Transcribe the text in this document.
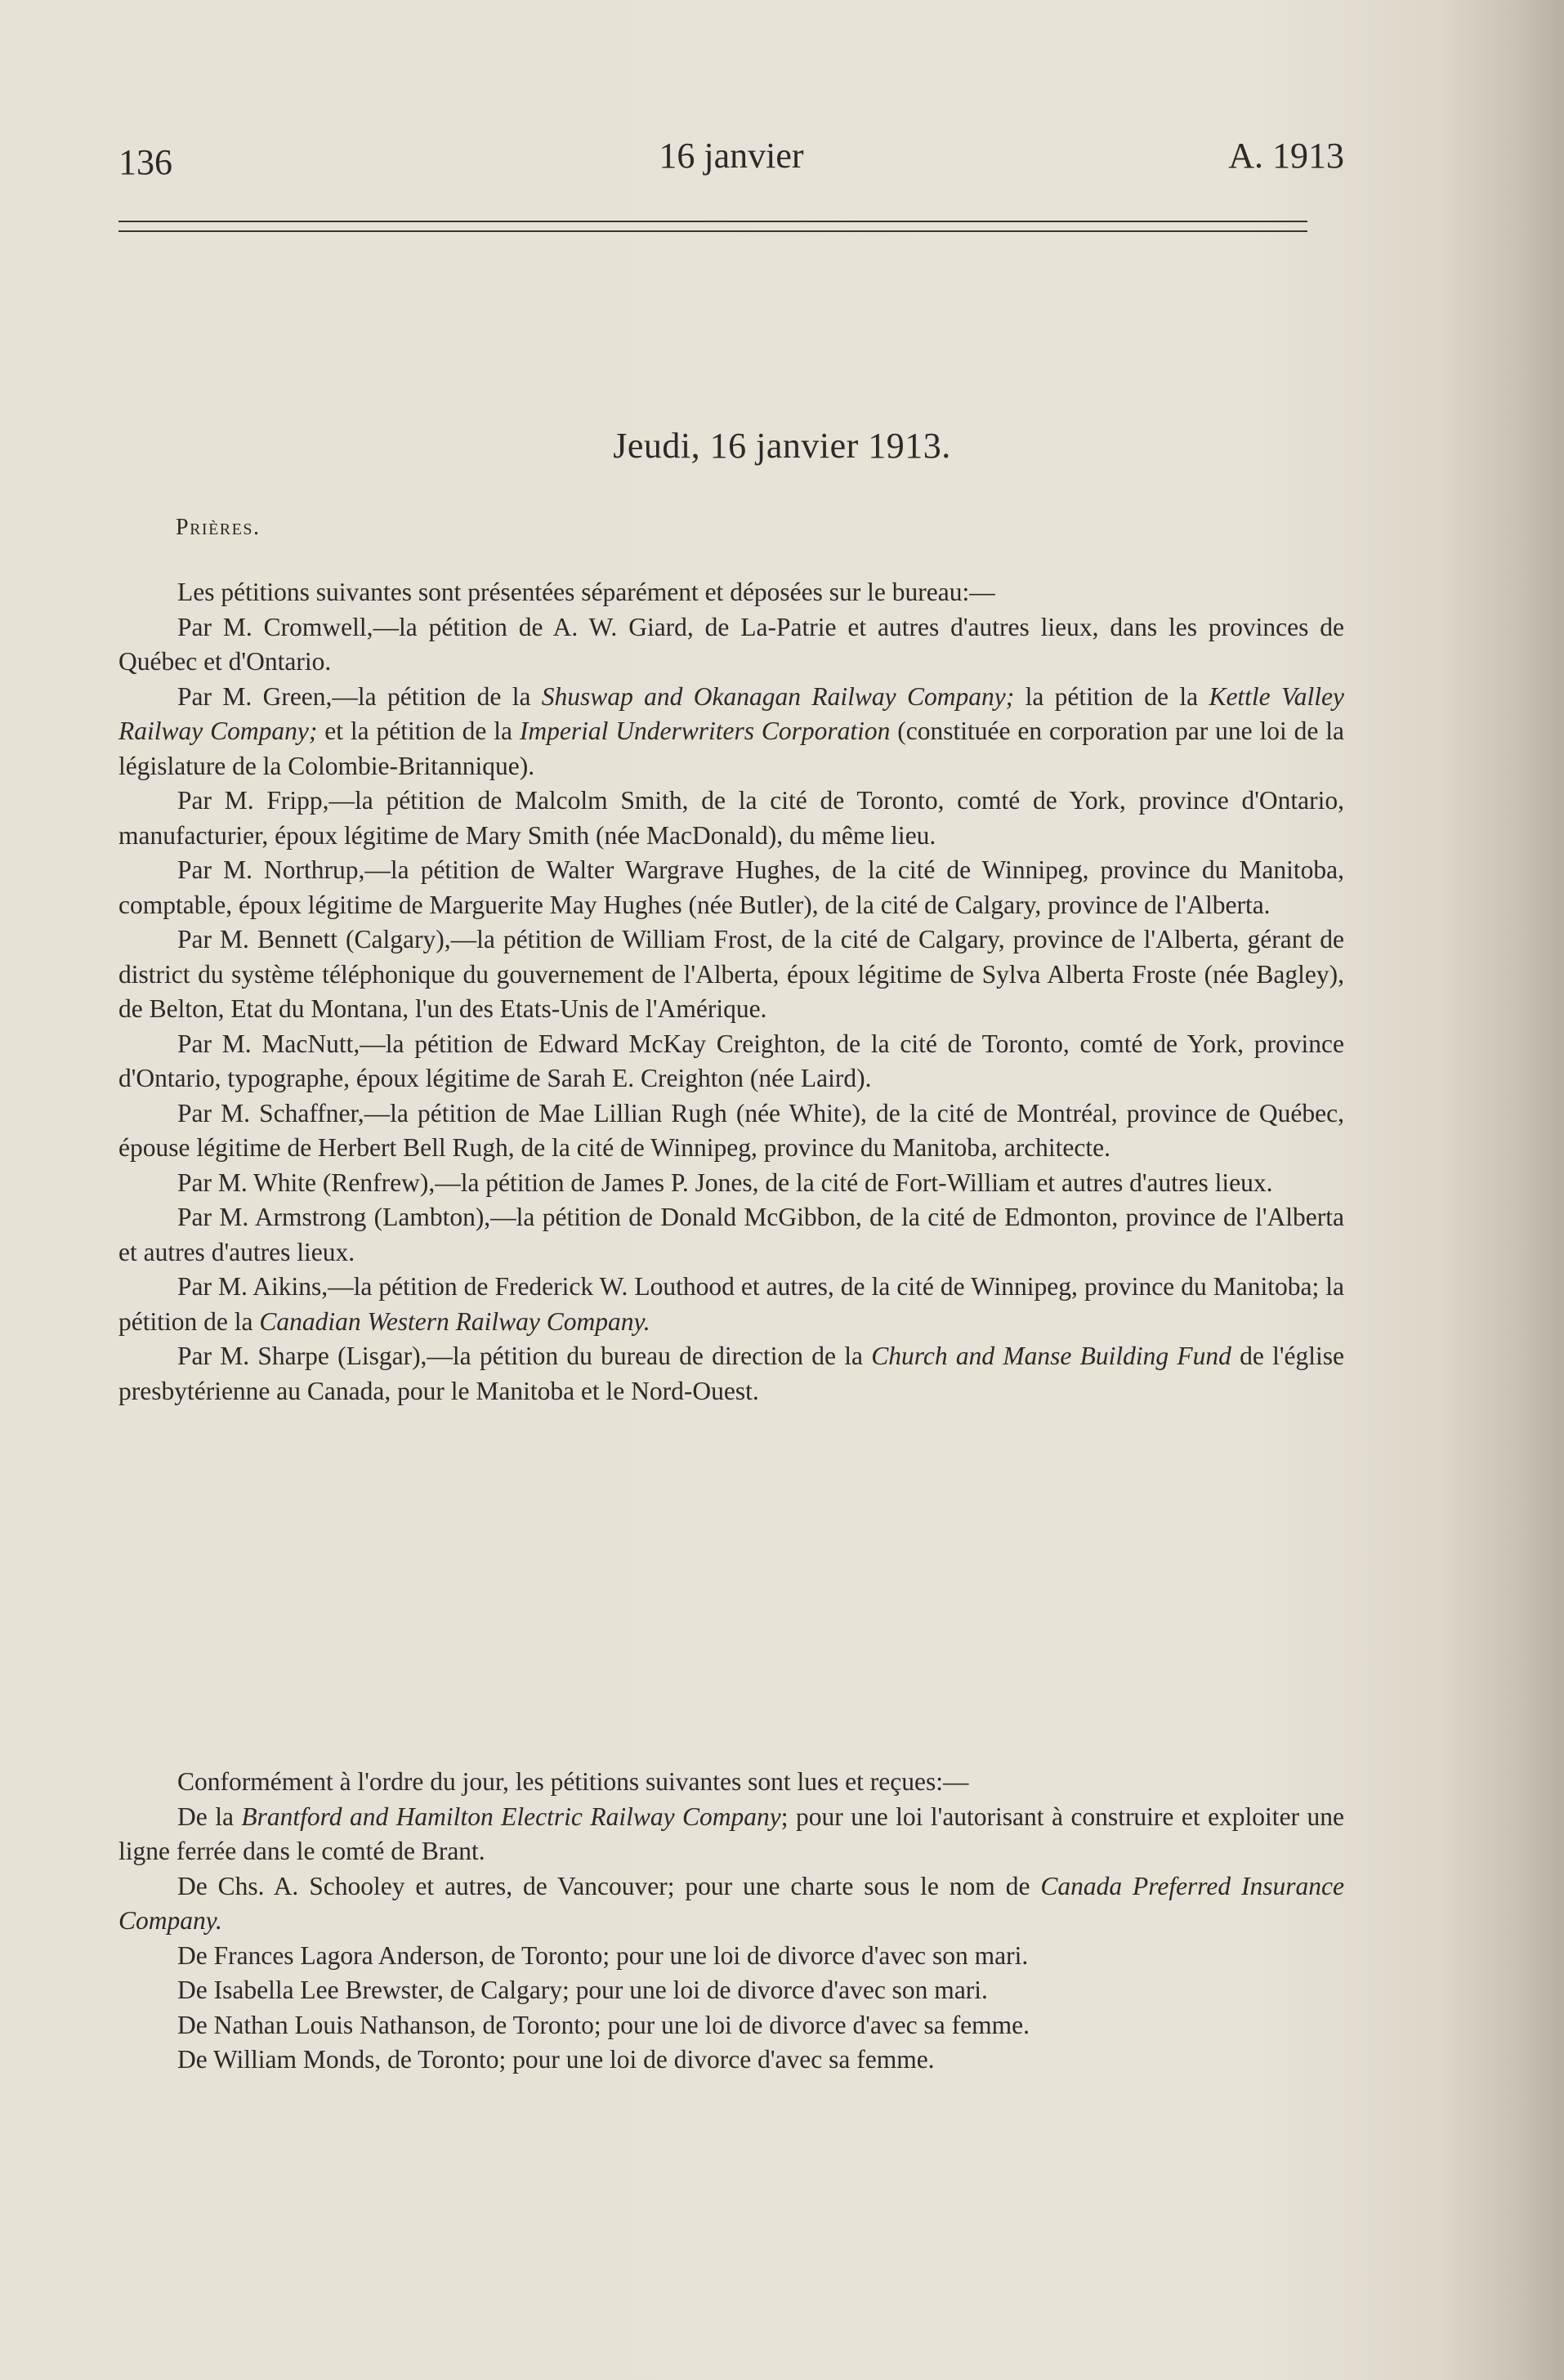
136	16 janvier	A. 1913
Jeudi, 16 janvier 1913.
Prières.

Les pétitions suivantes sont présentées séparément et déposées sur le bureau:—

Par M. Cromwell,—la pétition de A. W. Giard, de La-Patrie et autres d'autres lieux, dans les provinces de Québec et d'Ontario.

Par M. Green,—la pétition de la Shuswap and Okanagan Railway Company; la pétition de la Kettle Valley Railway Company; et la pétition de la Imperial Underwriters Corporation (constituée en corporation par une loi de la législature de la Colombie-Britannique).

Par M. Fripp,—la pétition de Malcolm Smith, de la cité de Toronto, comté de York, province d'Ontario, manufacturier, époux légitime de Mary Smith (née MacDonald), du même lieu.

Par M. Northrup,—la pétition de Walter Wargrave Hughes, de la cité de Winnipeg, province du Manitoba, comptable, époux légitime de Marguerite May Hughes (née Butler), de la cité de Calgary, province de l'Alberta.

Par M. Bennett (Calgary),—la pétition de William Frost, de la cité de Calgary, province de l'Alberta, gérant de district du système téléphonique du gouvernement de l'Alberta, époux légitime de Sylva Alberta Froste (née Bagley), de Belton, Etat du Montana, l'un des Etats-Unis de l'Amérique.

Par M. MacNutt,—la pétition de Edward McKay Creighton, de la cité de Toronto, comté de York, province d'Ontario, typographe, époux légitime de Sarah E. Creighton (née Laird).

Par M. Schaffner,—la pétition de Mae Lillian Rugh (née White), de la cité de Montréal, province de Québec, épouse légitime de Herbert Bell Rugh, de la cité de Winnipeg, province du Manitoba, architecte.

Par M. White (Renfrew),—la pétition de James P. Jones, de la cité de Fort-William et autres d'autres lieux.

Par M. Armstrong (Lambton),—la pétition de Donald McGibbon, de la cité de Edmonton, province de l'Alberta et autres d'autres lieux.

Par M. Aikins,—la pétition de Frederick W. Louthood et autres, de la cité de Winnipeg, province du Manitoba; la pétition de la Canadian Western Railway Company.

Par M. Sharpe (Lisgar),—la pétition du bureau de direction de la Church and Manse Building Fund de l'église presbytérienne au Canada, pour le Manitoba et le Nord-Ouest.

Conformément à l'ordre du jour, les pétitions suivantes sont lues et reçues:—

De la Brantford and Hamilton Electric Railway Company; pour une loi l'autorisant à construire et exploiter une ligne ferrée dans le comté de Brant.

De Chs. A. Schooley et autres, de Vancouver; pour une charte sous le nom de Canada Preferred Insurance Company.

De Frances Lagora Anderson, de Toronto; pour une loi de divorce d'avec son mari.

De Isabella Lee Brewster, de Calgary; pour une loi de divorce d'avec son mari.

De Nathan Louis Nathanson, de Toronto; pour une loi de divorce d'avec sa femme.

De William Monds, de Toronto; pour une loi de divorce d'avec sa femme.
